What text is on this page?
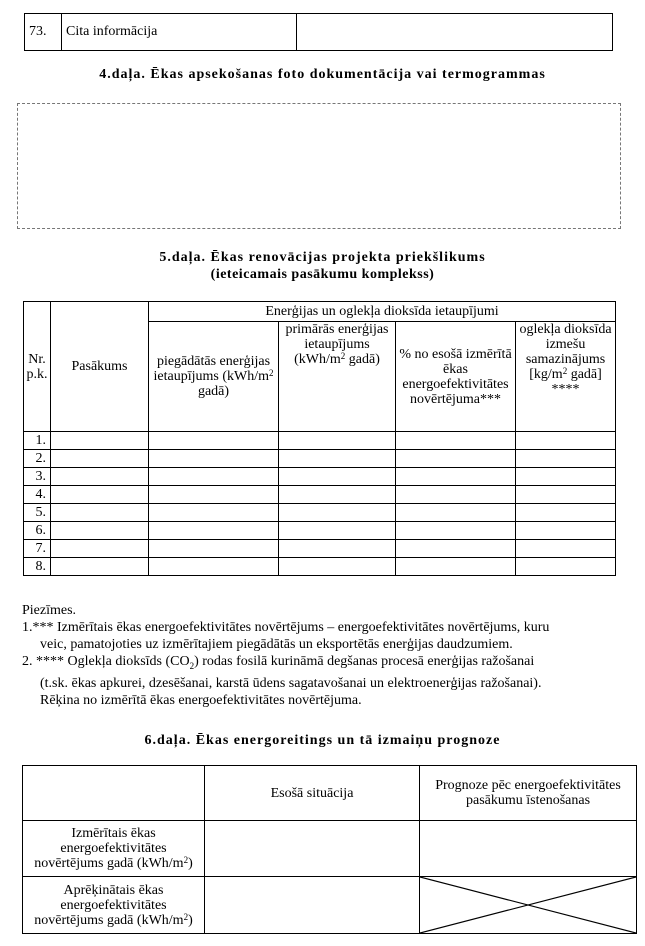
73.	Cita informācija	
4.daļa. Ēkas apsekošanas foto dokumentācija vai termogrammas
5.daļa. Ēkas renovācijas projekta priekšlikums
(ieteicamais pasākumu komplekss)
Nr. p.k.	Pasākums	Enerģijas un oglekļa dioksīda ietaupījumi			
		piegādātās enerģijas ietaupījums ($kWh/m^2$ gadā)	primārās enerģijas ietaupījums ($kWh/m^2$ gadā)	% no esošā izmērītā ēkas energoefektivitātes novērtējuma***	oglekļa dioksīda izmešu samazinājums [$kg/m^2$ gadā] ****
1.					
2.					
3.					
4.					
5.					
6.					
7.					
8.					

Piezīmes.

1.*** Izmērītais ēkas energoefektivitātes novērtējums – energoefektivitātes novērtējums, kuru

veic, pamatojoties uz izmērītajiem piegādātās un eksportētās enerģijas daudzumiem.

2. **** Oglekļa dioksīds $(CO_2)$ rodas fosilā kurināmā degšanas procesā enerģijas ražošanai

(t.sk. ēkas apkurei, dzesēšanai, karstā ūdens sagatavošanai un elektroenerģijas ražošanai).

Rēķina no izmērītā ēkas energoefektivitātes novērtējuma.

6.daļa. Ēkas energoreitings un tā izmaiņu prognoze
	Esošā situācija	Prognoze pēc energoefektivitātes pasākumu īstenošanas
Izmērītais ēkas energoefektivitātes novērtējums gadā $(kWh/m^2)$		
Aprēķinātais ēkas energoefektivitātes novērtējums gadā $(kWh/m^2)$		
